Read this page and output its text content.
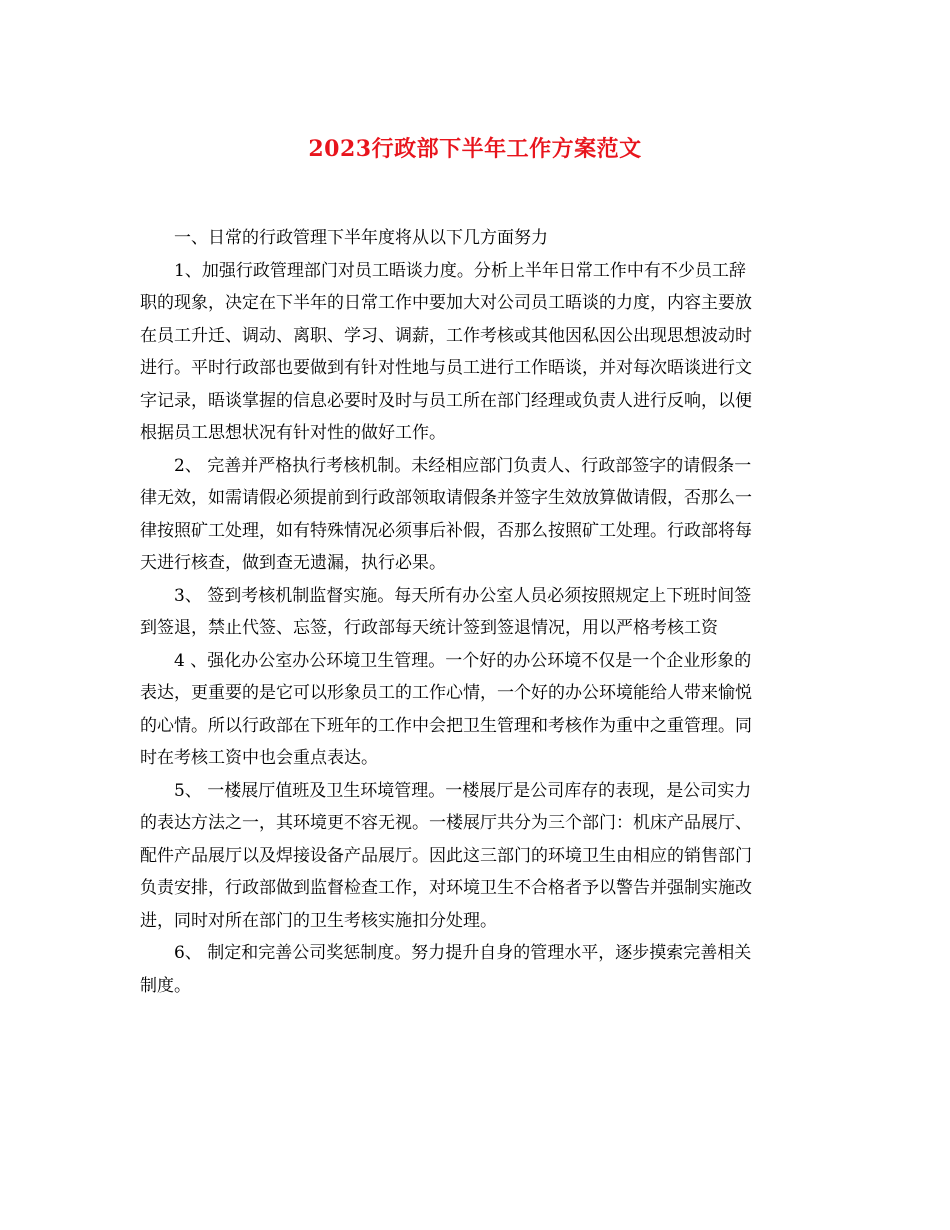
2023行政部下半年工作方案范文

一、日常的行政管理下半年度将从以下几方面努力

1、加强行政管理部门对员工晤谈力度。分析上半年日常工作中有不少员工辞
职的现象，决定在下半年的日常工作中要加大对公司员工晤谈的力度，内容主要放
在员工升迁、调动、离职、学习、调薪，工作考核或其他因私因公出现思想波动时
进行。平时行政部也要做到有针对性地与员工进行工作晤谈，并对每次晤谈进行文
字记录，晤谈掌握的信息必要时及时与员工所在部门经理或负责人进行反响，以便
根据员工思想状况有针对性的做好工作。

2、 完善并严格执行考核机制。未经相应部门负责人、行政部签字的请假条一
律无效，如需请假必须提前到行政部领取请假条并签字生效放算做请假，否那么一
律按照矿工处理，如有特殊情况必须事后补假，否那么按照矿工处理。行政部将每
天进行核查，做到查无遗漏，执行必果。

3、 签到考核机制监督实施。每天所有办公室人员必须按照规定上下班时间签
到签退，禁止代签、忘签，行政部每天统计签到签退情况，用以严格考核工资

4 、强化办公室办公环境卫生管理。一个好的办公环境不仅是一个企业形象的
表达，更重要的是它可以形象员工的工作心情，一个好的办公环境能给人带来愉悦
的心情。所以行政部在下班年的工作中会把卫生管理和考核作为重中之重管理。同
时在考核工资中也会重点表达。

5、 一楼展厅值班及卫生环境管理。一楼展厅是公司库存的表现，是公司实力
的表达方法之一，其环境更不容无视。一楼展厅共分为三个部门：机床产品展厅、
配件产品展厅以及焊接设备产品展厅。因此这三部门的环境卫生由相应的销售部门
负责安排，行政部做到监督检查工作，对环境卫生不合格者予以警告并强制实施改
进，同时对所在部门的卫生考核实施扣分处理。

6、 制定和完善公司奖惩制度。努力提升自身的管理水平，逐步摸索完善相关
制度。
